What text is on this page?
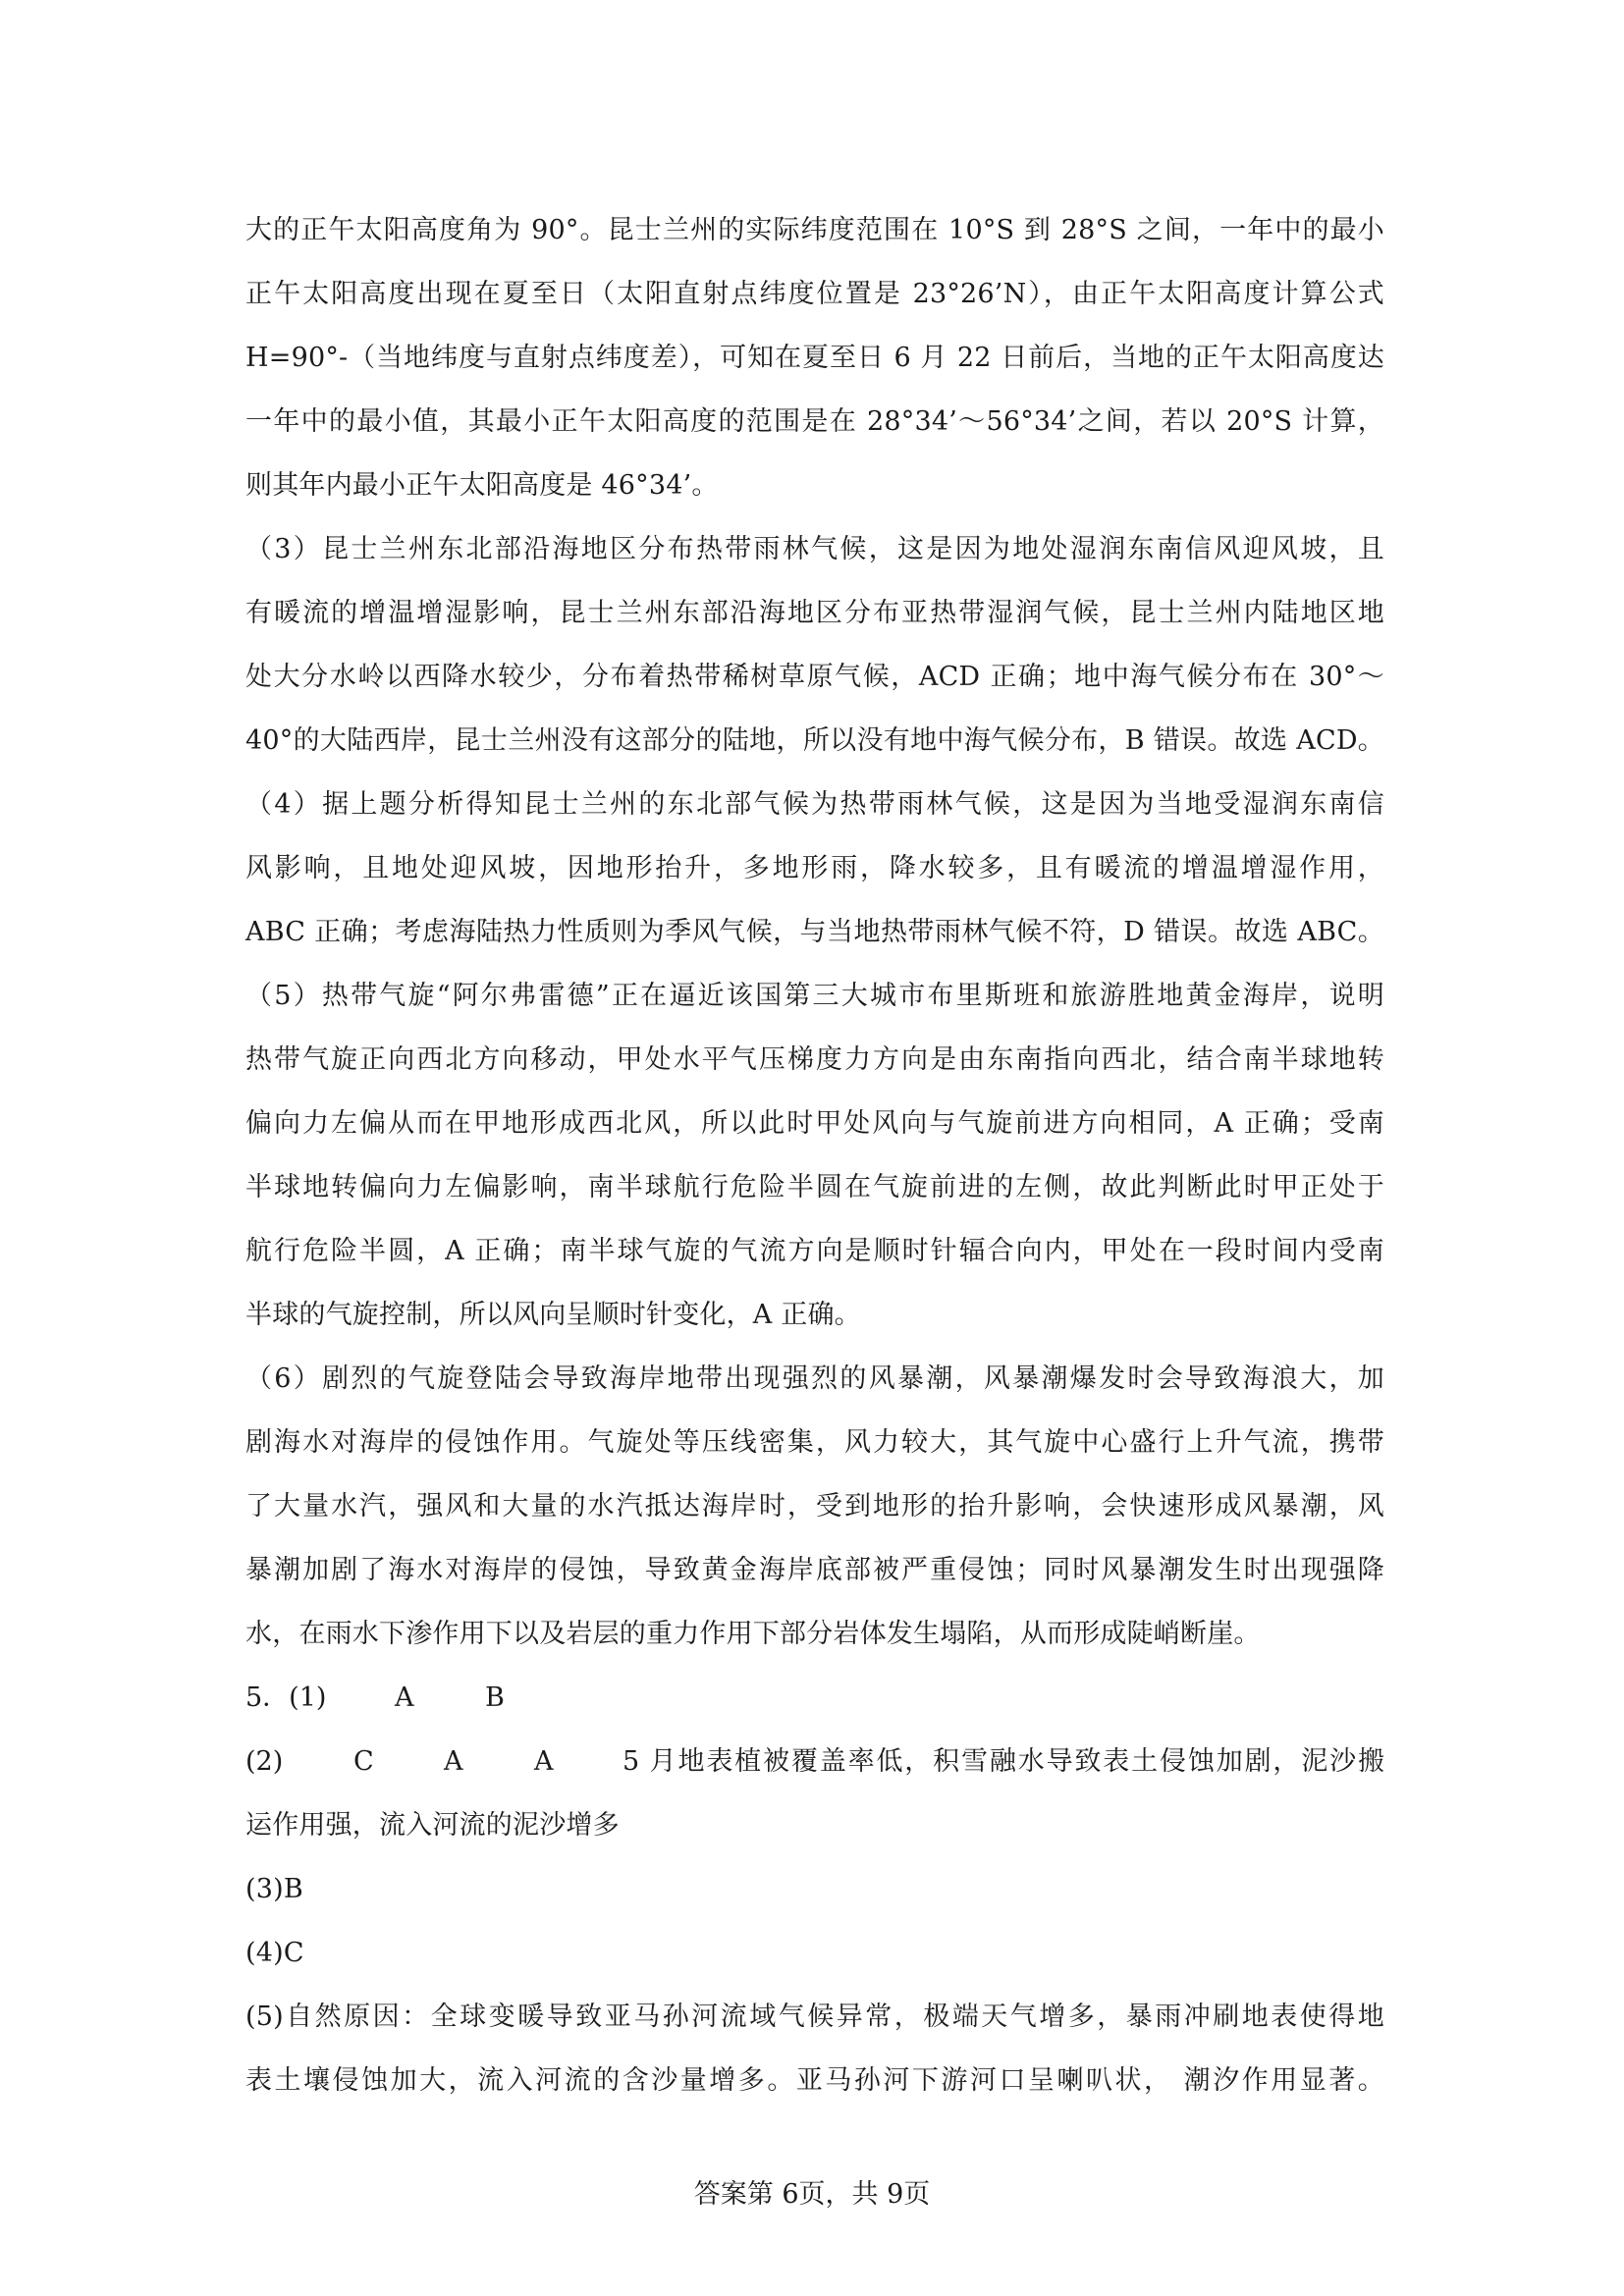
大的正午太阳高度角为 90°。昆士兰州的实际纬度范围在 10°S 到 28°S 之间，一年中的最小
正午太阳高度出现在夏至日（太阳直射点纬度位置是 23°26’N），由正午太阳高度计算公式
H=90°-（当地纬度与直射点纬度差），可知在夏至日 6 月 22 日前后，当地的正午太阳高度达
一年中的最小值，其最小正午太阳高度的范围是在 28°34’～56°34’之间，若以 20°S 计算，
则其年内最小正午太阳高度是 46°34’。
（3）昆士兰州东北部沿海地区分布热带雨林气候，这是因为地处湿润东南信风迎风坡，且
有暖流的增温增湿影响，昆士兰州东部沿海地区分布亚热带湿润气候，昆士兰州内陆地区地
处大分水岭以西降水较少，分布着热带稀树草原气候，ACD 正确；地中海气候分布在 30°～
40°的大陆西岸，昆士兰州没有这部分的陆地，所以没有地中海气候分布，B 错误。故选 ACD。
（4）据上题分析得知昆士兰州的东北部气候为热带雨林气候，这是因为当地受湿润东南信
风影响，且地处迎风坡，因地形抬升，多地形雨，降水较多，且有暖流的增温增湿作用，
ABC 正确；考虑海陆热力性质则为季风气候，与当地热带雨林气候不符，D 错误。故选 ABC。
（5）热带气旋“阿尔弗雷德”正在逼近该国第三大城市布里斯班和旅游胜地黄金海岸，说明
热带气旋正向西北方向移动，甲处水平气压梯度力方向是由东南指向西北，结合南半球地转
偏向力左偏从而在甲地形成西北风，所以此时甲处风向与气旋前进方向相同，A 正确；受南
半球地转偏向力左偏影响，南半球航行危险半圆在气旋前进的左侧，故此判断此时甲正处于
航行危险半圆，A 正确；南半球气旋的气流方向是顺时针辐合向内，甲处在一段时间内受南
半球的气旋控制，所以风向呈顺时针变化，A 正确。
（6）剧烈的气旋登陆会导致海岸地带出现强烈的风暴潮，风暴潮爆发时会导致海浪大，加
剧海水对海岸的侵蚀作用。气旋处等压线密集，风力较大，其气旋中心盛行上升气流，携带
了大量水汽，强风和大量的水汽抵达海岸时，受到地形的抬升影响，会快速形成风暴潮，风
暴潮加剧了海水对海岸的侵蚀，导致黄金海岸底部被严重侵蚀；同时风暴潮发生时出现强降
水，在雨水下渗作用下以及岩层的重力作用下部分岩体发生塌陷，从而形成陡峭断崖。
5．(1)	A	B
(2)	C	A	A	5 月地表植被覆盖率低，积雪融水导致表土侵蚀加剧，泥沙搬
运作用强，流入河流的泥沙增多
(3)B
(4)C
(5)自然原因：全球变暖导致亚马孙河流域气候异常，极端天气增多，暴雨冲刷地表使得地
表土壤侵蚀加大，流入河流的含沙量增多。亚马孙河下游河口呈喇叭状， 潮汐作用显著。
答案第 6页，共 9页
